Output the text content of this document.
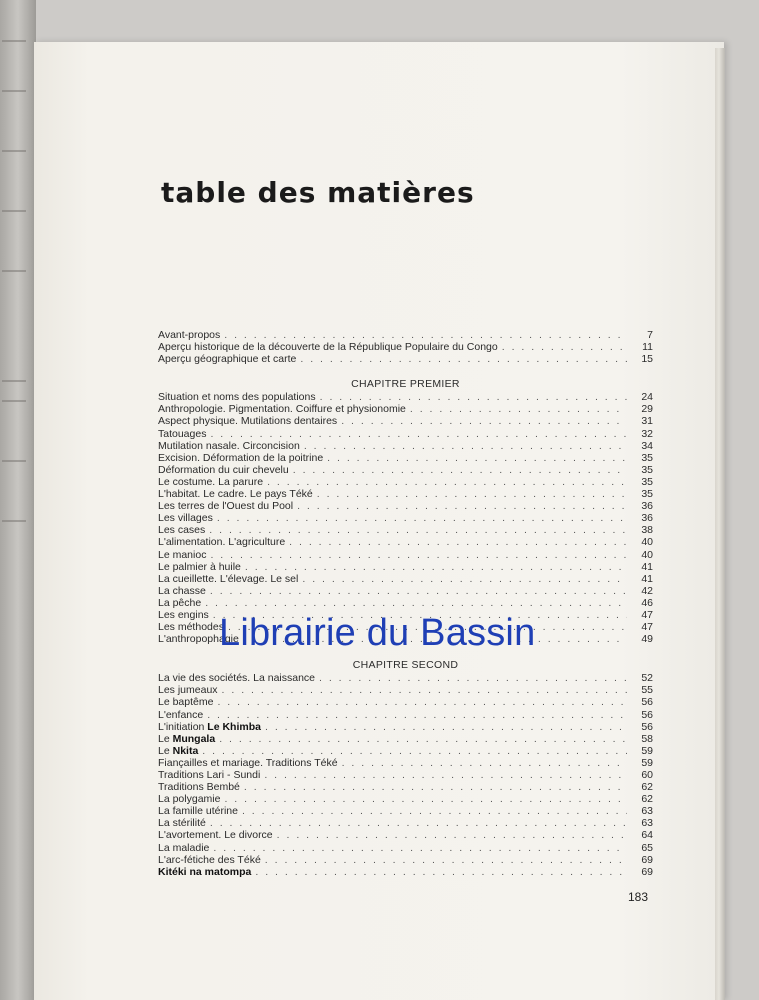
table des matières
Avant-propos . . .	7
Aperçu historique de la découverte de la République Populaire du Congo . . .	11
Aperçu géographique et carte . . .	15
CHAPITRE PREMIER
Situation et noms des populations . . .	24
Anthropologie. Pigmentation. Coiffure et physionomie . . .	29
Aspect physique. Mutilations dentaires . . .	31
Tatouages . . .	32
Mutilation nasale. Circoncision . . .	34
Excision. Déformation de la poitrine . . .	35
Déformation du cuir chevelu . . .	35
Le costume. La parure . . .	35
L'habitat. Le cadre. Le pays Téké . . .	35
Les terres de l'Ouest du Pool . . .	36
Les villages . . .	36
Les cases . . .	38
L'alimentation. L'agriculture . . .	40
Le manioc . . .	40
Le palmier à huile . . .	41
La cueillette. L'élevage. Le sel . . .	41
La chasse . . .	42
La pêche . . .	46
Les engins . . .	47
Les méthodes . . .	47
L'anthropophagie . . .	49
CHAPITRE SECOND
La vie des sociétés. La naissance . . .	52
Les jumeaux . . .	55
Le baptême . . .	56
L'enfance . . .	56
L'initiation Le Khimba . . .	56
Le Mungala . . .	58
Le Nkita . . .	59
Fiançailles et mariage. Traditions Téké . . .	59
Traditions Lari - Sundi . . .	60
Traditions Bembé . . .	62
La polygamie . . .	62
La famille utérine . . .	63
La stérilité . . .	63
L'avortement. Le divorce . . .	64
La maladie . . .	65
L'arc-fétiche des Téké . . .	69
Kitéki na matompa . . .	69
Librairie du Bassin
183
